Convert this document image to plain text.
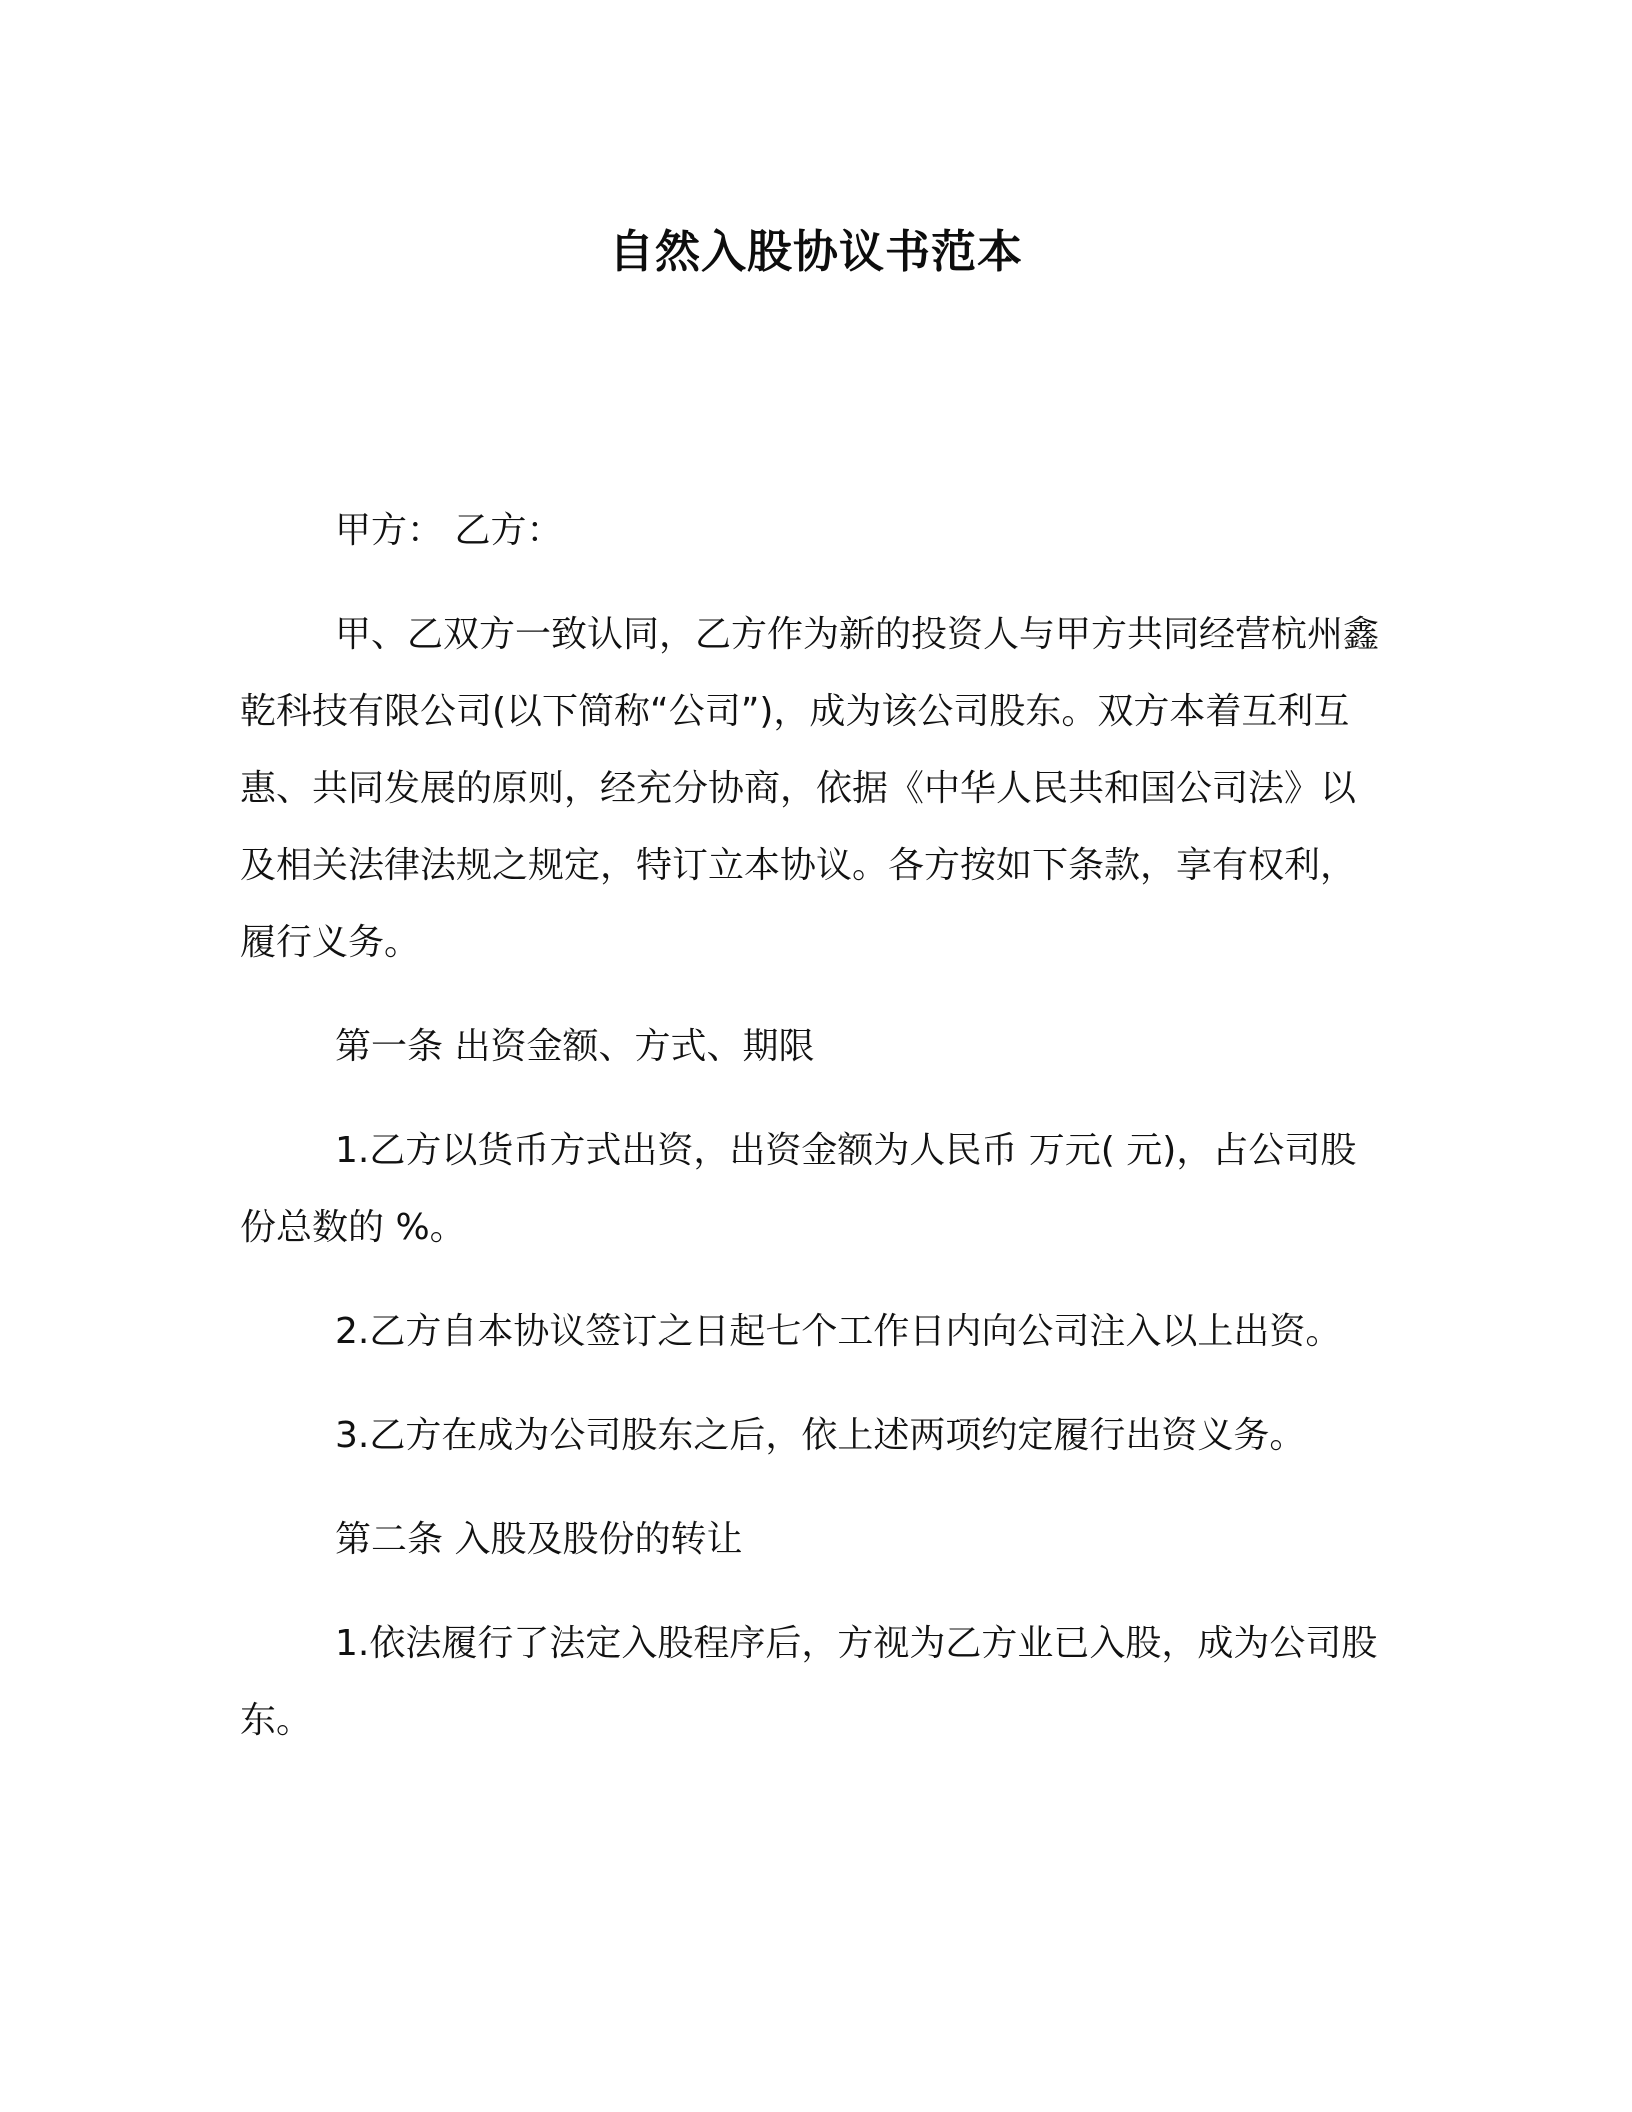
自然入股协议书范本

甲方： 乙方：

甲、乙双方一致认同，乙方作为新的投资人与甲方共同经营杭州鑫乾科技有限公司(以下简称“公司”)，成为该公司股东。双方本着互利互惠、共同发展的原则，经充分协商，依据《中华人民共和国公司法》以及相关法律法规之规定，特订立本协议。各方按如下条款，享有权利，履行义务。

第一条 出资金额、方式、期限

1.乙方以货币方式出资，出资金额为人民币 万元( 元)，占公司股份总数的 %。

2.乙方自本协议签订之日起七个工作日内向公司注入以上出资。

3.乙方在成为公司股东之后，依上述两项约定履行出资义务。

第二条 入股及股份的转让

1.依法履行了法定入股程序后，方视为乙方业已入股，成为公司股东。
